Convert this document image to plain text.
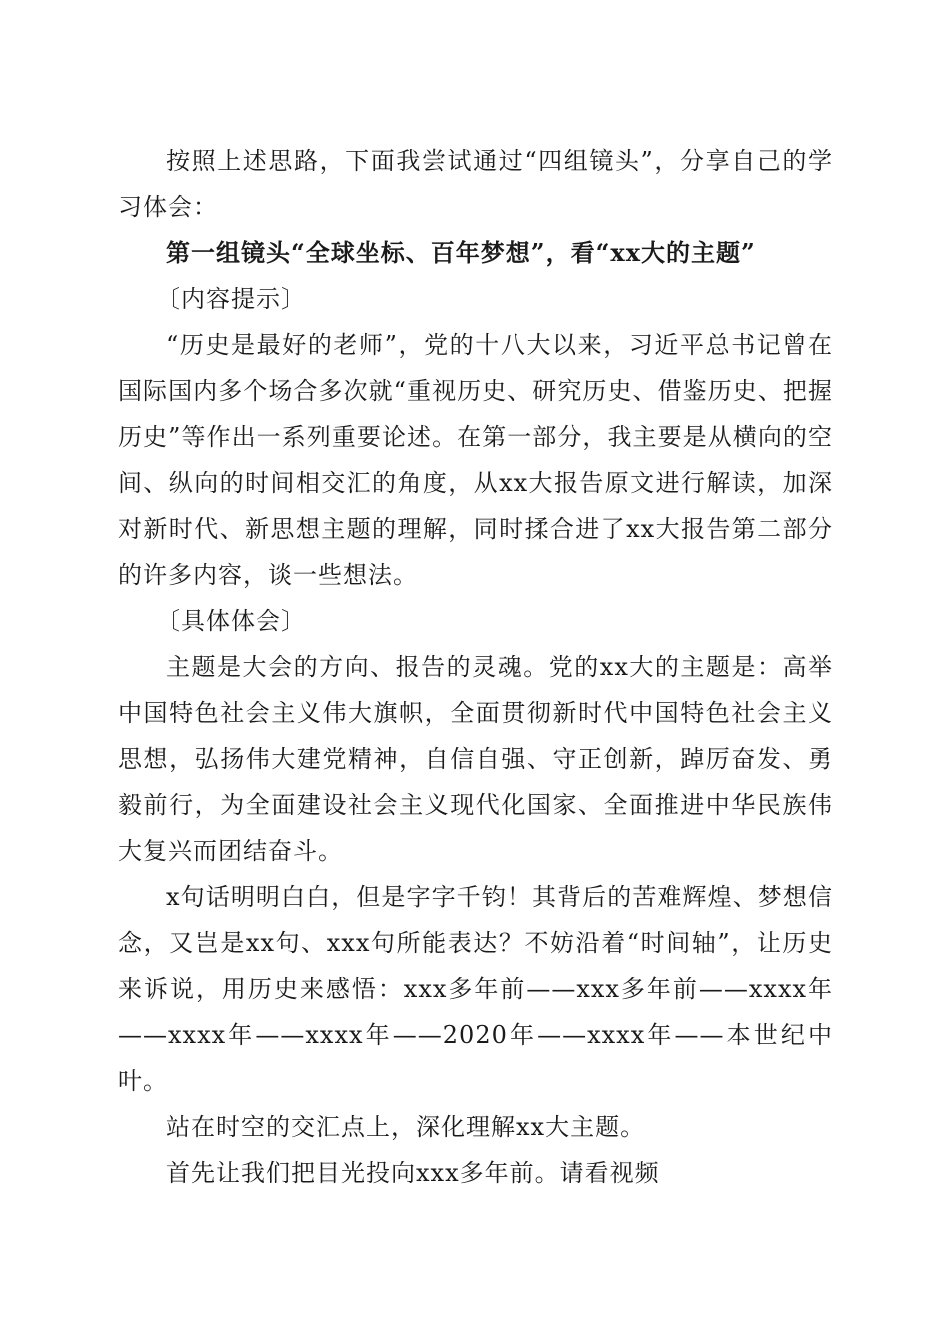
按照上述思路，下面我尝试通过“四组镜头”，分享自己的学习体会：

第一组镜头“全球坐标、百年梦想”，看“xx大的主题”

〔内容提示〕

“历史是最好的老师”，党的十八大以来，习近平总书记曾在国际国内多个场合多次就“重视历史、研究历史、借鉴历史、把握历史”等作出一系列重要论述。在第一部分，我主要是从横向的空间、纵向的时间相交汇的角度，从xx大报告原文进行解读，加深对新时代、新思想主题的理解，同时揉合进了xx大报告第二部分的许多内容，谈一些想法。

〔具体体会〕

主题是大会的方向、报告的灵魂。党的xx大的主题是：高举中国特色社会主义伟大旗帜，全面贯彻新时代中国特色社会主义思想，弘扬伟大建党精神，自信自强、守正创新，踔厉奋发、勇毅前行，为全面建设社会主义现代化国家、全面推进中华民族伟大复兴而团结奋斗。

x句话明明白白，但是字字千钧！其背后的苦难辉煌、梦想信念，又岂是xx句、xxx句所能表达？不妨沿着“时间轴”，让历史来诉说，用历史来感悟：xxx多年前——xxx多年前——xxxx年——xxxx年——xxxx年——2020年——xxxx年——本世纪中叶。

站在时空的交汇点上，深化理解xx大主题。

首先让我们把目光投向xxx多年前。请看视频
